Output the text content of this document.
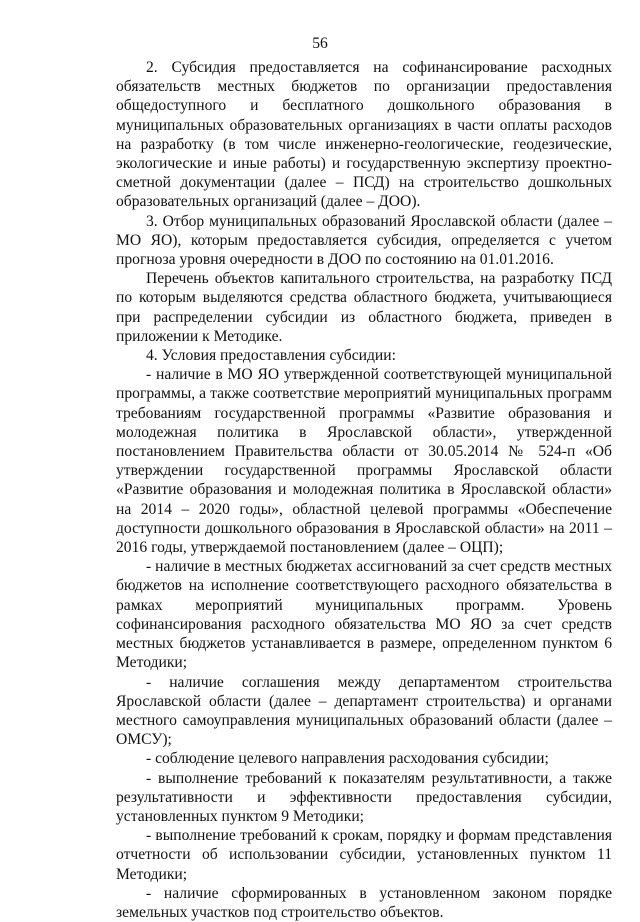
56

2. Субсидия предоставляется на софинансирование расходных обязательств местных бюджетов по организации предоставления общедоступного и бесплатного дошкольного образования в муниципальных образовательных организациях в части оплаты расходов на разработку (в том числе инженерно-геологические, геодезические, экологические и иные работы) и государственную экспертизу проектно-сметной документации (далее – ПСД) на строительство дошкольных образовательных организаций (далее – ДОО).

3. Отбор муниципальных образований Ярославской области (далее – МО ЯО), которым предоставляется субсидия, определяется с учетом прогноза уровня очередности в ДОО по состоянию на 01.01.2016.

Перечень объектов капитального строительства, на разработку ПСД по которым выделяются средства областного бюджета, учитывающиеся при распределении субсидии из областного бюджета, приведен в приложении к Методике.

4. Условия предоставления субсидии:

- наличие в МО ЯО утвержденной соответствующей муниципальной программы, а также соответствие мероприятий муниципальных программ требованиям государственной программы «Развитие образования и молодежная политика в Ярославской области», утвержденной постановлением Правительства области от 30.05.2014 № 524-п «Об утверждении государственной программы Ярославской области «Развитие образования и молодежная политика в Ярославской области» на 2014 – 2020 годы», областной целевой программы «Обеспечение доступности дошкольного образования в Ярославской области» на 2011 – 2016 годы, утверждаемой постановлением (далее – ОЦП);

- наличие в местных бюджетах ассигнований за счет средств местных бюджетов на исполнение соответствующего расходного обязательства в рамках мероприятий муниципальных программ. Уровень софинансирования расходного обязательства МО ЯО за счет средств местных бюджетов устанавливается в размере, определенном пунктом 6 Методики;

- наличие соглашения между департаментом строительства Ярославской области (далее – департамент строительства) и органами местного самоуправления муниципальных образований области (далее – ОМСУ);

- соблюдение целевого направления расходования субсидии;

- выполнение требований к показателям результативности, а также результативности и эффективности предоставления субсидии, установленных пунктом 9 Методики;

- выполнение требований к срокам, порядку и формам представления отчетности об использовании субсидии, установленных пунктом 11 Методики;

- наличие сформированных в установленном законом порядке земельных участков под строительство объектов.
